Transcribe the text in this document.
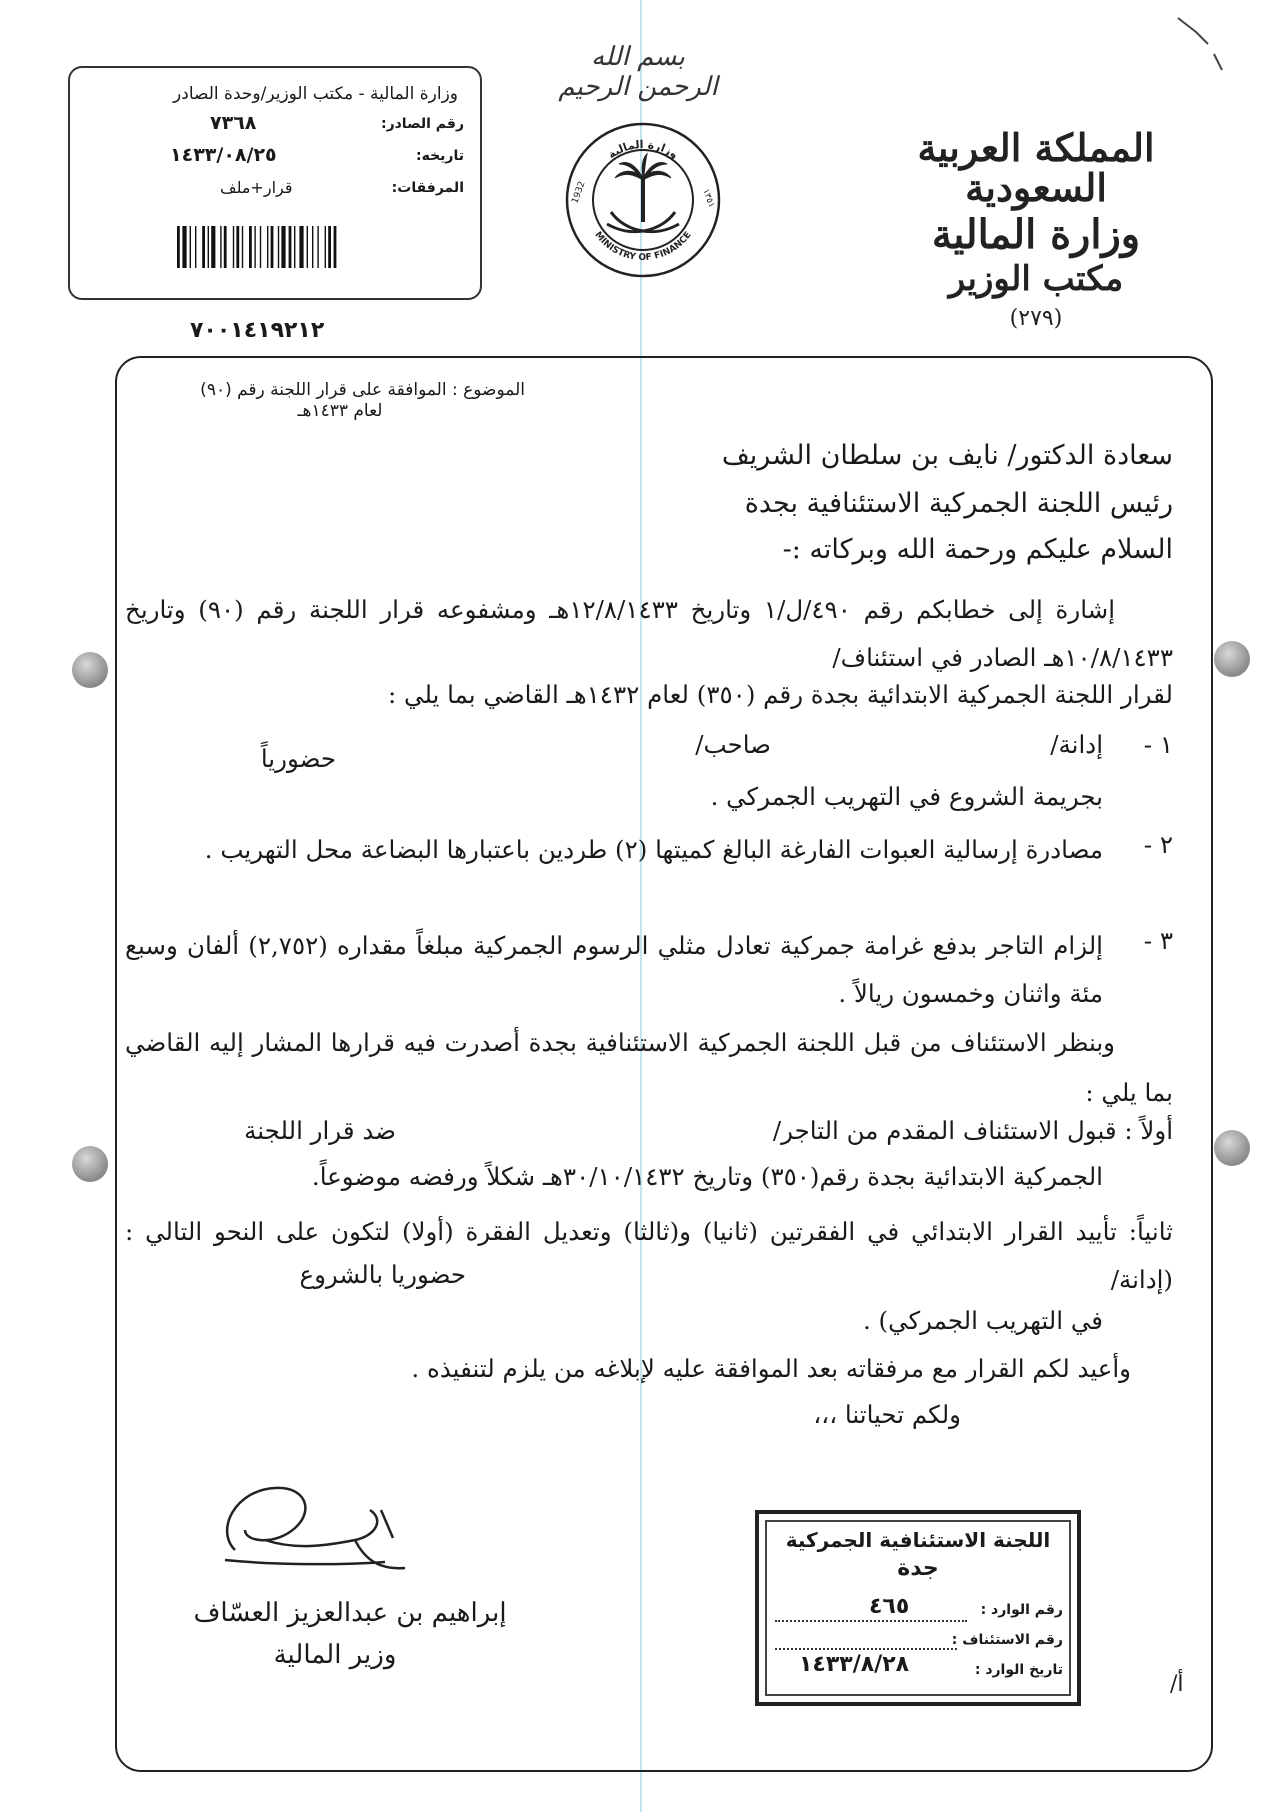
المملكة العربية السعودية
وزارة المالية
مكتب الوزير
(٢٧٩)
بسم الله الرحمن الرحيم
وزارة المالية
MINISTRY OF FINANCE
1932	١٣٥١
وزارة المالية - مكتب الوزير/وحدة الصادر
رقم الصادر:
٧٣٦٨
تاريخه:
١٤٣٣/٠٨/٢٥
المرفقات:
قرار+ملف
٧٠٠١٤١٩٢١٢
الموضوع : الموافقة على قرار اللجنة رقم (٩٠)
لعام ١٤٣٣هـ
سعادة الدكتور/ نايف بن سلطان الشريف
رئيس اللجنة الجمركية الاستئنافية بجدة
السلام عليكم ورحمة الله وبركاته :-
إشارة إلى خطابكم رقم ٤٩٠/ل/١ وتاريخ ١٢/٨/١٤٣٣هـ ومشفوعه قرار اللجنة رقم (٩٠) وتاريخ ١٠/٨/١٤٣٣هـ الصادر في استئناف/
لقرار اللجنة الجمركية الابتدائية بجدة رقم (٣٥٠) لعام ١٤٣٢هـ القاضي بما يلي :
١ -
إدانة/
صاحب/
حضورياً
بجريمة الشروع في التهريب الجمركي .
٢ -
مصادرة إرسالية العبوات الفارغة البالغ كميتها (٢) طردين باعتبارها البضاعة محل التهريب .
٣ -
إلزام التاجر بدفع غرامة جمركية تعادل مثلي الرسوم الجمركية مبلغاً مقداره (٢,٧٥٢) ألفان وسبع مئة واثنان وخمسون ريالاً .
وبنظر الاستئناف من قبل اللجنة الجمركية الاستئنافية بجدة أصدرت فيه قرارها المشار إليه القاضي بما يلي :
أولاً : قبول الاستئناف المقدم من التاجر/
ضد قرار اللجنة
الجمركية الابتدائية بجدة رقم(٣٥٠) وتاريخ ٣٠/١٠/١٤٣٢هـ شكلاً ورفضه موضوعاً.
ثانياً: تأييد القرار الابتدائي في الفقرتين (ثانيا) و(ثالثا) وتعديل الفقرة (أولا) لتكون على النحو التالي : (إدانة/
حضوريا بالشروع
في التهريب الجمركي) .
وأعيد لكم القرار مع مرفقاته بعد الموافقة عليه لإبلاغه من يلزم لتنفيذه .
ولكم تحياتنا ،،،
إبراهيم بن عبدالعزيز العسّاف
وزير المالية
اللجنة الاستئنافية الجمركية
جدة
رقم الوارد :
٤٦٥
رقم الاستئناف :
تاريخ الوارد :
١٤٣٣/٨/٢٨
أ/
